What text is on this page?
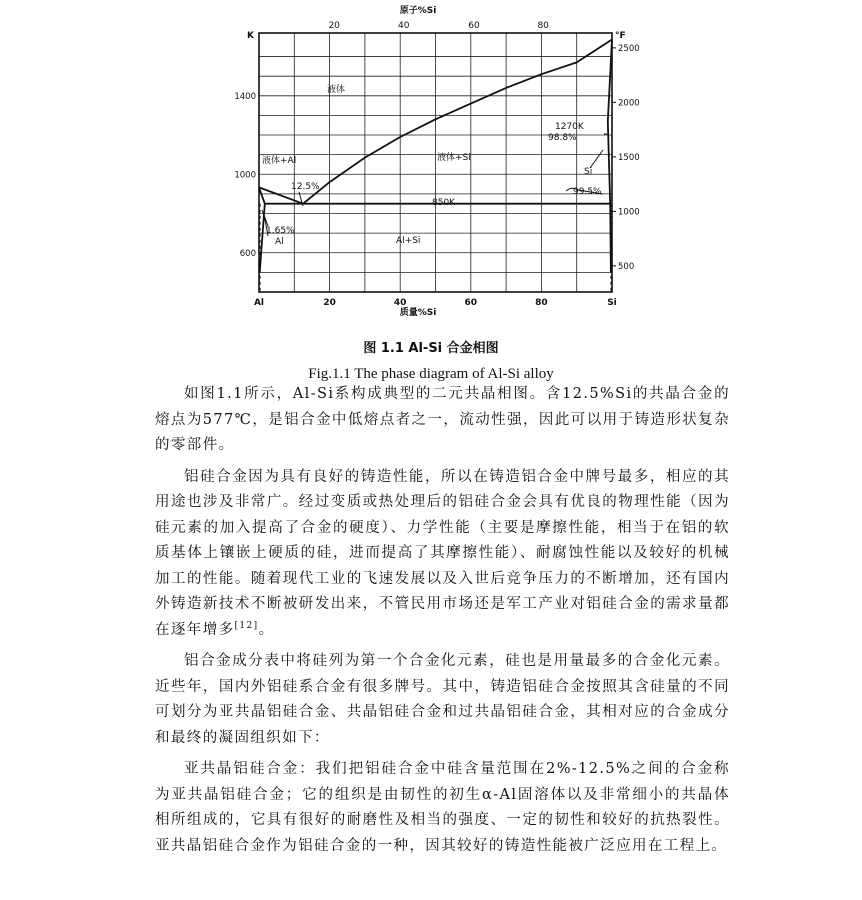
原子%Si
20	40	60	80
Al	20	40	60	80	Si
质量%Si
K	°F
1400
1000
600
2500
2000
1500
1000
500
液体
液体+Al	液体+Si
Al+Si
Al
Si
12.5%
1.65%
850K
1270K
98.8%
99.5%
图 1.1 Al-Si 合金相图
Fig.1.1 The phase diagram of Al-Si alloy

如图1.1所示，Al-Si系构成典型的二元共晶相图。含12.5%Si的共晶合金的熔点为577℃，是铝合金中低熔点者之一，流动性强，因此可以用于铸造形状复杂的零部件。

铝硅合金因为具有良好的铸造性能，所以在铸造铝合金中牌号最多，相应的其用途也涉及非常广。经过变质或热处理后的铝硅合金会具有优良的物理性能（因为硅元素的加入提高了合金的硬度）、力学性能（主要是摩擦性能，相当于在铝的软质基体上镶嵌上硬质的硅，进而提高了其摩擦性能）、耐腐蚀性能以及较好的机械加工的性能。随着现代工业的飞速发展以及入世后竞争压力的不断增加，还有国内外铸造新技术不断被研发出来，不管民用市场还是军工产业对铝硅合金的需求量都在逐年增多[12]。

铝合金成分表中将硅列为第一个合金化元素，硅也是用量最多的合金化元素。近些年，国内外铝硅系合金有很多牌号。其中，铸造铝硅合金按照其含硅量的不同可划分为亚共晶铝硅合金、共晶铝硅合金和过共晶铝硅合金，其相对应的合金成分和最终的凝固组织如下：

亚共晶铝硅合金：我们把铝硅合金中硅含量范围在2%-12.5%之间的合金称为亚共晶铝硅合金；它的组织是由韧性的初生α-Al固溶体以及非常细小的共晶体相所组成的，它具有很好的耐磨性及相当的强度、一定的韧性和较好的抗热裂性。亚共晶铝硅合金作为铝硅合金的一种，因其较好的铸造性能被广泛应用在工程上。
